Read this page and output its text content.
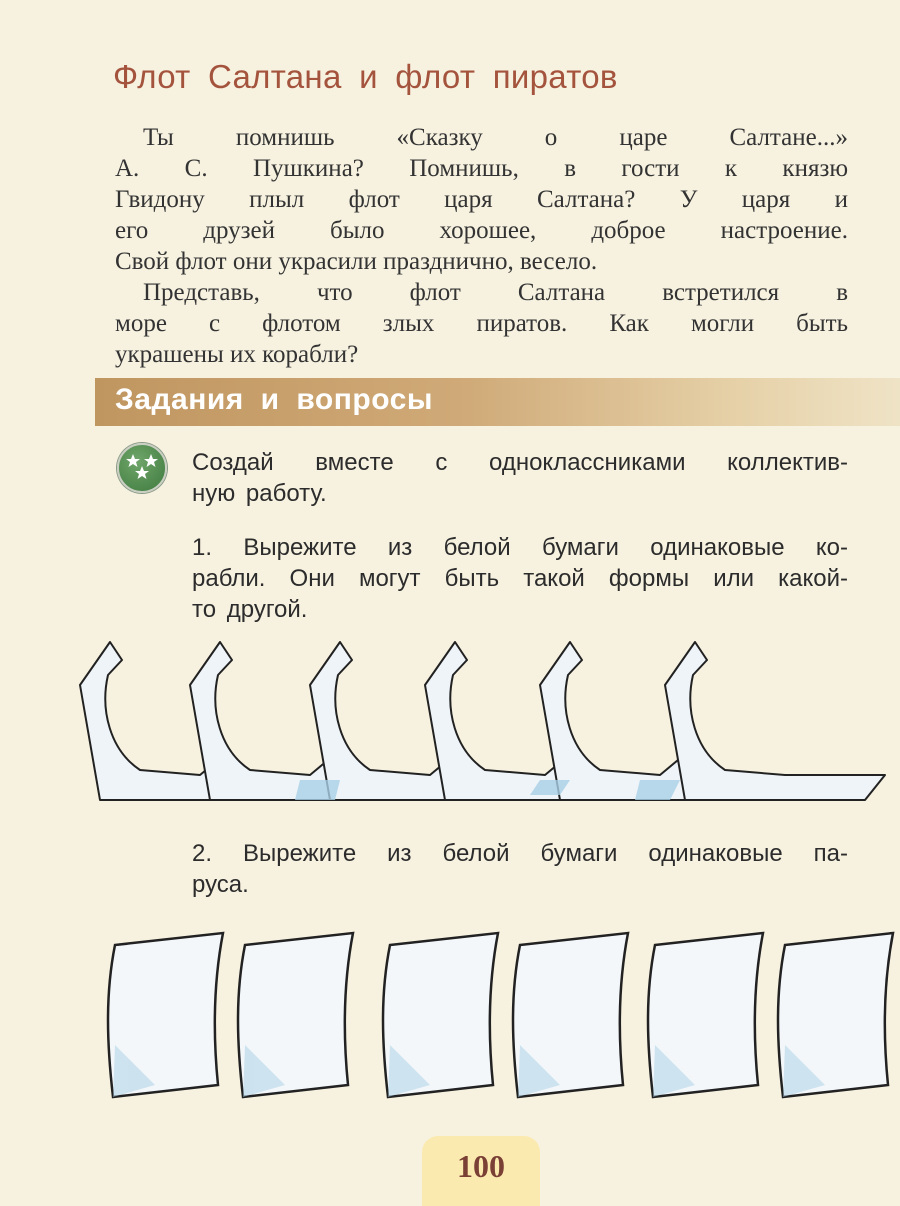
Флот Салтана и флот пиратов
Ты помнишь «Сказку о царе Салтане...»
А. С. Пушкина? Помнишь, в гости к князю
Гвидону плыл флот царя Салтана? У царя и
его друзей было хорошее, доброе настроение.
Свой флот они украсили празднично, весело.
Представь, что флот Салтана встретился в
море с флотом злых пиратов. Как могли быть
украшены их корабли?
Задания и вопросы
Создай вместе с одноклассниками коллектив-
ную работу.
1. Вырежите из белой бумаги одинаковые ко-
рабли. Они могут быть такой формы или какой-
то другой.
2. Вырежите из белой бумаги одинаковые па-
руса.
100
